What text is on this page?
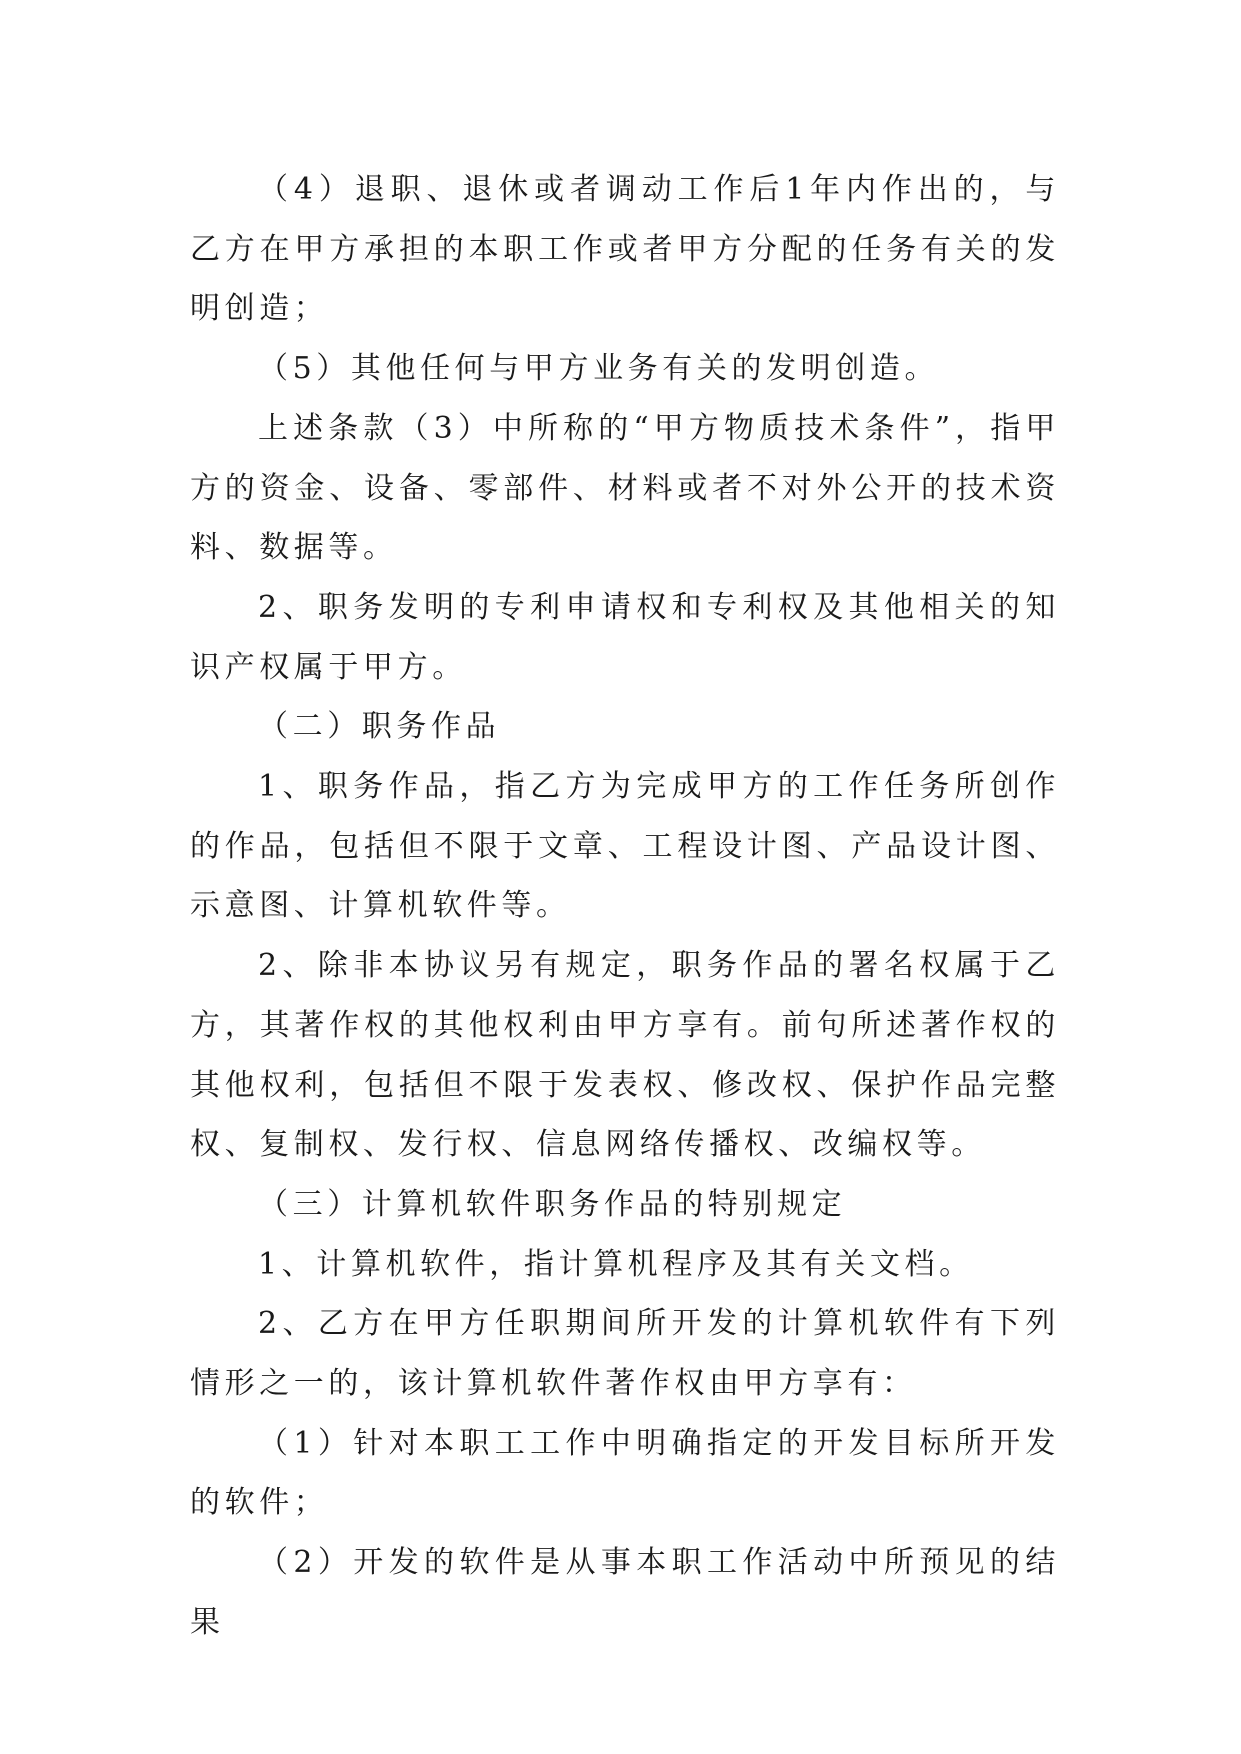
（4）退职、退休或者调动工作后1年内作出的，与乙方在甲方承担的本职工作或者甲方分配的任务有关的发明创造；

（5）其他任何与甲方业务有关的发明创造。

上述条款（3）中所称的“甲方物质技术条件”，指甲方的资金、设备、零部件、材料或者不对外公开的技术资料、数据等。

2、职务发明的专利申请权和专利权及其他相关的知识产权属于甲方。

（二）职务作品

1、职务作品，指乙方为完成甲方的工作任务所创作的作品，包括但不限于文章、工程设计图、产品设计图、示意图、计算机软件等。

2、除非本协议另有规定，职务作品的署名权属于乙方，其著作权的其他权利由甲方享有。前句所述著作权的其他权利，包括但不限于发表权、修改权、保护作品完整权、复制权、发行权、信息网络传播权、改编权等。

（三）计算机软件职务作品的特别规定

1、计算机软件，指计算机程序及其有关文档。

2、乙方在甲方任职期间所开发的计算机软件有下列情形之一的，该计算机软件著作权由甲方享有：

（1）针对本职工工作中明确指定的开发目标所开发的软件；

（2）开发的软件是从事本职工作活动中所预见的结果
